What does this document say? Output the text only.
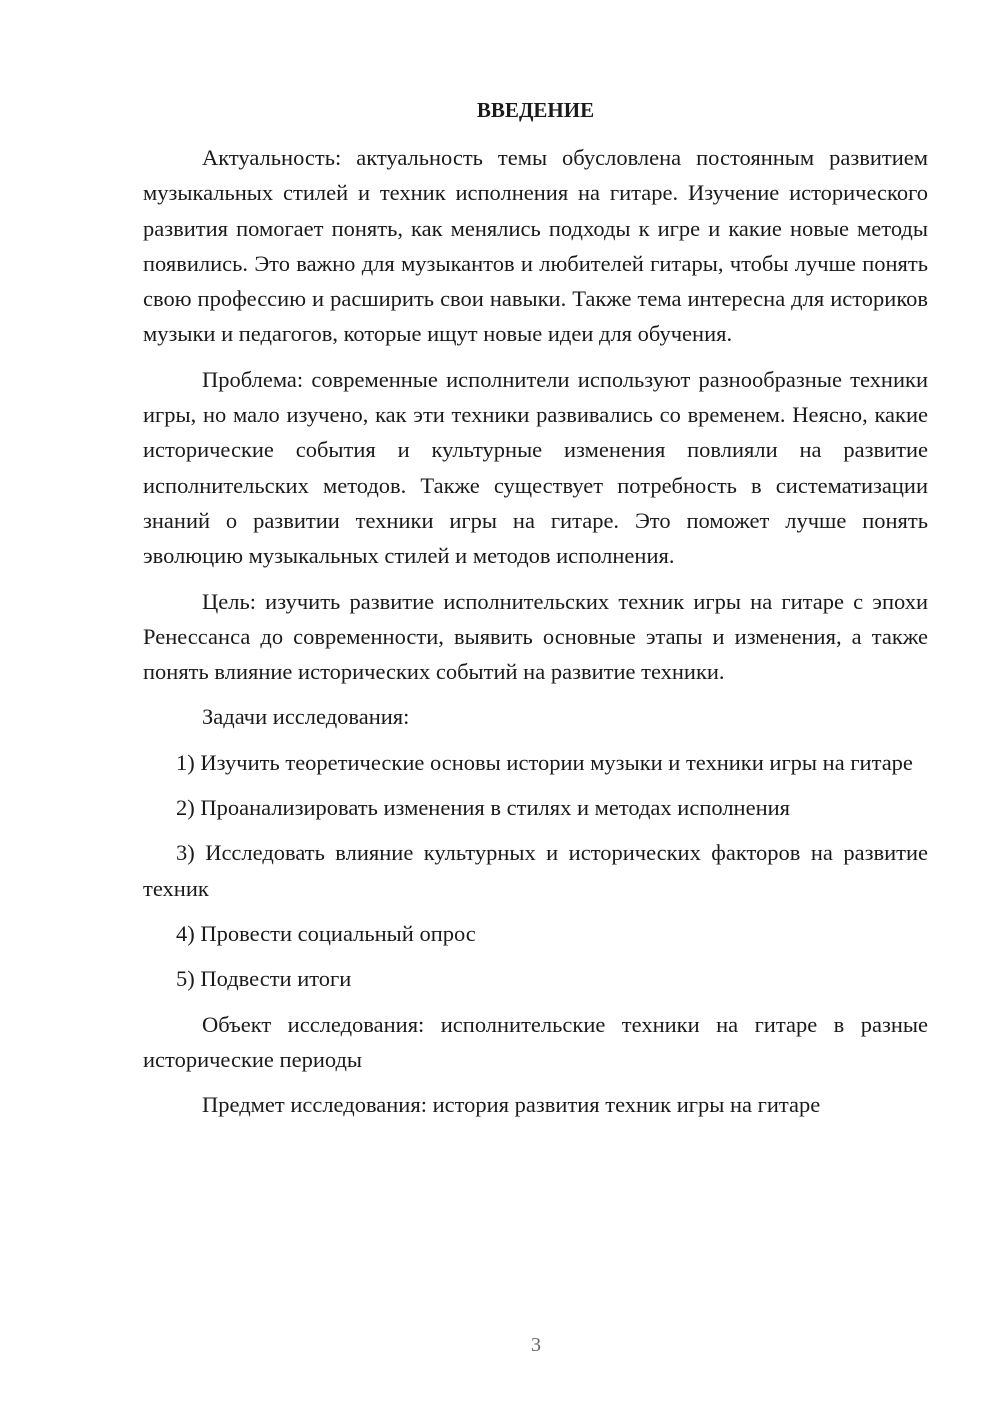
ВВЕДЕНИЕ

Актуальность: актуальность темы обусловлена постоянным развитием музыкальных стилей и техник исполнения на гитаре. Изучение исторического развития помогает понять, как менялись подходы к игре и какие новые методы появились. Это важно для музыкантов и любителей гитары, чтобы лучше понять свою профессию и расширить свои навыки. Также тема интересна для историков музыки и педагогов, которые ищут новые идеи для обучения.

Проблема: современные исполнители используют разнообразные техники игры, но мало изучено, как эти техники развивались со временем. Неясно, какие исторические события и культурные изменения повлияли на развитие исполнительских методов. Также существует потребность в систематизации знаний о развитии техники игры на гитаре. Это поможет лучше понять эволюцию музыкальных стилей и методов исполнения.

Цель: изучить развитие исполнительских техник игры на гитаре с эпохи Ренессанса до современности, выявить основные этапы и изменения, а также понять влияние исторических событий на развитие техники.

Задачи исследования:

1) Изучить теоретические основы истории музыки и техники игры на гитаре

2) Проанализировать изменения в стилях и методах исполнения

3) Исследовать влияние культурных и исторических факторов на развитие техник

4) Провести социальный опрос

5) Подвести итоги

Объект исследования: исполнительские техники на гитаре в разные исторические периоды

Предмет исследования: история развития техник игры на гитаре

3
